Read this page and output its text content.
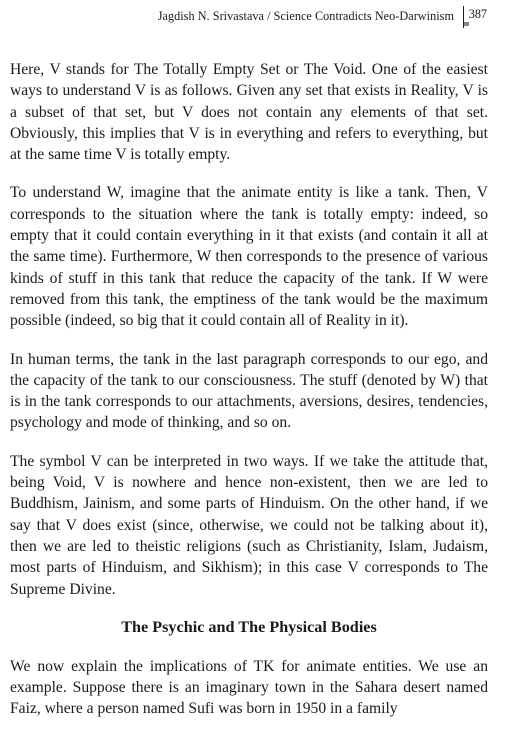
Jagdish N. Srivastava / Science Contradicts Neo-Darwinism	387

Here, V stands for The Totally Empty Set or The Void. One of the easiest ways to understand V is as follows. Given any set that exists in Reality, V is a subset of that set, but V does not contain any elements of that set. Obviously, this implies that V is in everything and refers to everything, but at the same time V is totally empty.

To understand W, imagine that the animate entity is like a tank. Then, V corresponds to the situation where the tank is totally empty: indeed, so empty that it could contain everything in it that exists (and contain it all at the same time). Furthermore, W then corresponds to the presence of various kinds of stuff in this tank that reduce the capacity of the tank. If W were removed from this tank, the emptiness of the tank would be the maximum possible (indeed, so big that it could contain all of Reality in it).

In human terms, the tank in the last paragraph corresponds to our ego, and the capacity of the tank to our consciousness. The stuff (denoted by W) that is in the tank corresponds to our attachments, aversions, desires, tendencies, psychology and mode of thinking, and so on.

The symbol V can be interpreted in two ways. If we take the attitude that, being Void, V is nowhere and hence non-existent, then we are led to Buddhism, Jainism, and some parts of Hinduism. On the other hand, if we say that V does exist (since, otherwise, we could not be talking about it), then we are led to theistic religions (such as Christianity, Islam, Judaism, most parts of Hinduism, and Sikhism); in this case V corresponds to The Supreme Divine.

The Psychic and The Physical Bodies

We now explain the implications of TK for animate entities. We use an example. Suppose there is an imaginary town in the Sahara desert named Faiz, where a person named Sufi was born in 1950 in a family
